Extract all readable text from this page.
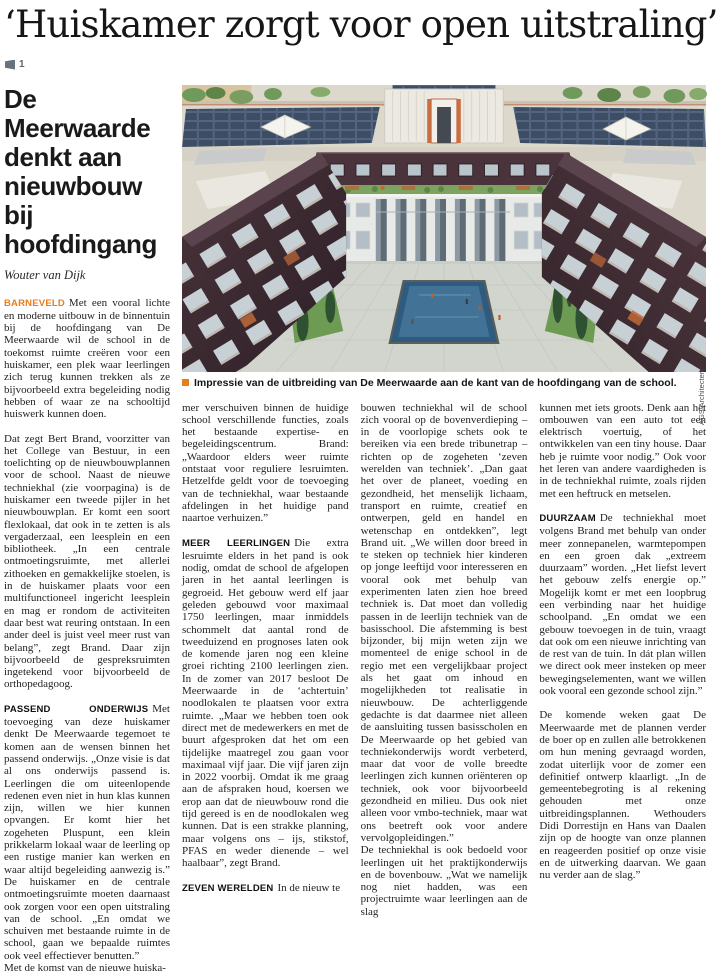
‘Huiskamer zorgt voor open uitstraling’
1
De Meerwaarde denkt aan nieuwbouw bij hoofdingang

Wouter van Dijk

BARNEVELD Met een vooral lichte en moderne uitbouw in de binnentuin bij de hoofdingang van De Meerwaarde wil de school in de toekomst ruimte creëren voor een huiskamer, een plek waar leerlingen zich terug kunnen trekken als ze bijvoorbeeld extra begeleiding nodig hebben of waar ze na schooltijd huiswerk kunnen doen.

Dat zegt Bert Brand, voorzitter van het College van Bestuur, in een toelichting op de nieuwbouwplannen voor de school. Naast de nieuwe techniekhal (zie voorpagina) is de huiskamer een tweede pijler in het nieuwbouwplan. Er komt een soort flexlokaal, dat ook in te zetten is als vergaderzaal, een leesplein en een bibliotheek. „In een centrale ontmoetingsruimte, met allerlei zithoeken en gemakkelijke stoelen, is in de huiskamer plaats voor een multifunctioneel ingericht leesplein en mag er rondom de activiteiten daar best wat reuring ontstaan. In een ander deel is juist veel meer rust van belang”, zegt Brand. Daar zijn bijvoorbeeld de gespreksruimten ingetekend voor bijvoorbeeld de orthopedagoog.

PASSEND ONDERWIJS Met toevoeging van deze huiskamer denkt De Meerwaarde tegemoet te komen aan de wensen binnen het passend onderwijs. „Onze visie is dat al ons onderwijs passend is. Leerlingen die om uiteenlopende redenen even niet in hun klas kunnen zijn, willen we hier kunnen opvangen. Er komt hier het zogeheten Pluspunt, een klein prikkelarm lokaal waar de leerling op een rustige manier kan werken en waar altijd begeleiding aanwezig is.” De huiskamer en de centrale ontmoetingsruimte moeten daarnaast ook zorgen voor een open uitstraling van de school. „En omdat we schuiven met bestaande ruimte in de school, gaan we bepaalde ruimtes ook veel effectiever benutten.”

Met de komst van de nieuwe huiska-

AGS Architecten
Impressie van de uitbreiding van De Meerwaarde aan de kant van de hoofdingang van de school.

mer verschuiven binnen de huidige school verschillende functies, zoals het bestaande expertise- en begeleidingscentrum. Brand: „Waardoor elders weer ruimte ontstaat voor reguliere lesruimten. Hetzelfde geldt voor de toevoeging van de techniekhal, waar bestaande afdelingen in het huidige pand naartoe verhuizen.”

MEER LEERLINGEN Die extra lesruimte elders in het pand is ook nodig, omdat de school de afgelopen jaren in het aantal leerlingen is gegroeid. Het gebouw werd elf jaar geleden gebouwd voor maximaal 1750 leerlingen, maar inmiddels schommelt dat aantal rond de tweeduizend en prognoses laten ook de komende jaren nog een kleine groei richting 2100 leerlingen zien. In de zomer van 2017 besloot De Meerwaarde in de ‘achtertuin’ noodlokalen te plaatsen voor extra ruimte. „Maar we hebben toen ook direct met de medewerkers en met de buurt afgesproken dat het om een tijdelijke maatregel zou gaan voor maximaal vijf jaar. Die vijf jaren zijn in 2022 voorbij. Omdat ik me graag aan de afspraken houd, koersen we erop aan dat de nieuwbouw rond die tijd gereed is en de noodlokalen weg kunnen. Dat is een strakke planning, maar volgens ons – ijs, stikstof, PFAS en weder dienende – wel haalbaar”, zegt Brand.

ZEVEN WERELDEN In de nieuw te

bouwen techniekhal wil de school zich vooral op de bovenverdieping – in de voorlopige schets ook te bereiken via een brede tribunetrap – richten op de zogeheten ‘zeven werelden van techniek’. „Dan gaat het over de planeet, voeding en gezondheid, het menselijk lichaam, transport en ruimte, creatief en ontwerpen, geld en handel en wetenschap en ontdekken”, legt Brand uit. „We willen door breed in te steken op techniek hier kinderen op jonge leeftijd voor interesseren en vooral ook met behulp van experimenten laten zien hoe breed techniek is. Dat moet dan volledig passen in de leerlijn techniek van de basisschool. Die afstemming is best bijzonder, bij mijn weten zijn we momenteel de enige school in de regio met een vergelijkbaar project als het gaat om inhoud en mogelijkheden tot realisatie in nieuwbouw. De achterliggende gedachte is dat daarmee niet alleen de aansluiting tussen basisscholen en De Meerwaarde op het gebied van techniekonderwijs wordt verbeterd, maar dat voor de volle breedte leerlingen zich kunnen oriënteren op techniek, ook voor bijvoorbeeld gezondheid en milieu. Dus ook niet alleen voor vmbo-techniek, maar wat ons beetreft ook voor andere vervolgopleidingen.”

De techniekhal is ook bedoeld voor leerlingen uit het praktijkonderwijs en de bovenbouw. „Wat we namelijk nog niet hadden, was een projectruimte waar leerlingen aan de slag

kunnen met iets groots. Denk aan het ombouwen van een auto tot een elektrisch voertuig, of het ontwikkelen van een tiny house. Daar heb je ruimte voor nodig.” Ook voor het leren van andere vaardigheden is in de techniekhal ruimte, zoals rijden met een heftruck en metselen.

DUURZAAM De techniekhal moet volgens Brand met behulp van onder meer zonnepanelen, warmtepompen en een groen dak „extreem duurzaam” worden. „Het liefst levert het gebouw zelfs energie op.” Mogelijk komt er met een loopbrug een verbinding naar het huidige schoolpand. „En omdat we een gebouw toevoegen in de tuin, vraagt dat ook om een nieuwe inrichting van de rest van de tuin. In dát plan willen we direct ook meer insteken op meer bewegingselementen, want we willen ook vooral een gezonde school zijn.”

De komende weken gaat De Meerwaarde met de plannen verder de boer op en zullen alle betrokkenen om hun mening gevraagd worden, zodat uiterlijk voor de zomer een definitief ontwerp klaarligt. „In de gemeentebegroting is al rekening gehouden met onze uitbreidingsplannen. Wethouders Didi Dorrestijn en Hans van Daalen zijn op de hoogte van onze plannen en reageerden positief op onze visie en de uitwerking daarvan. We gaan nu verder aan de slag.”
